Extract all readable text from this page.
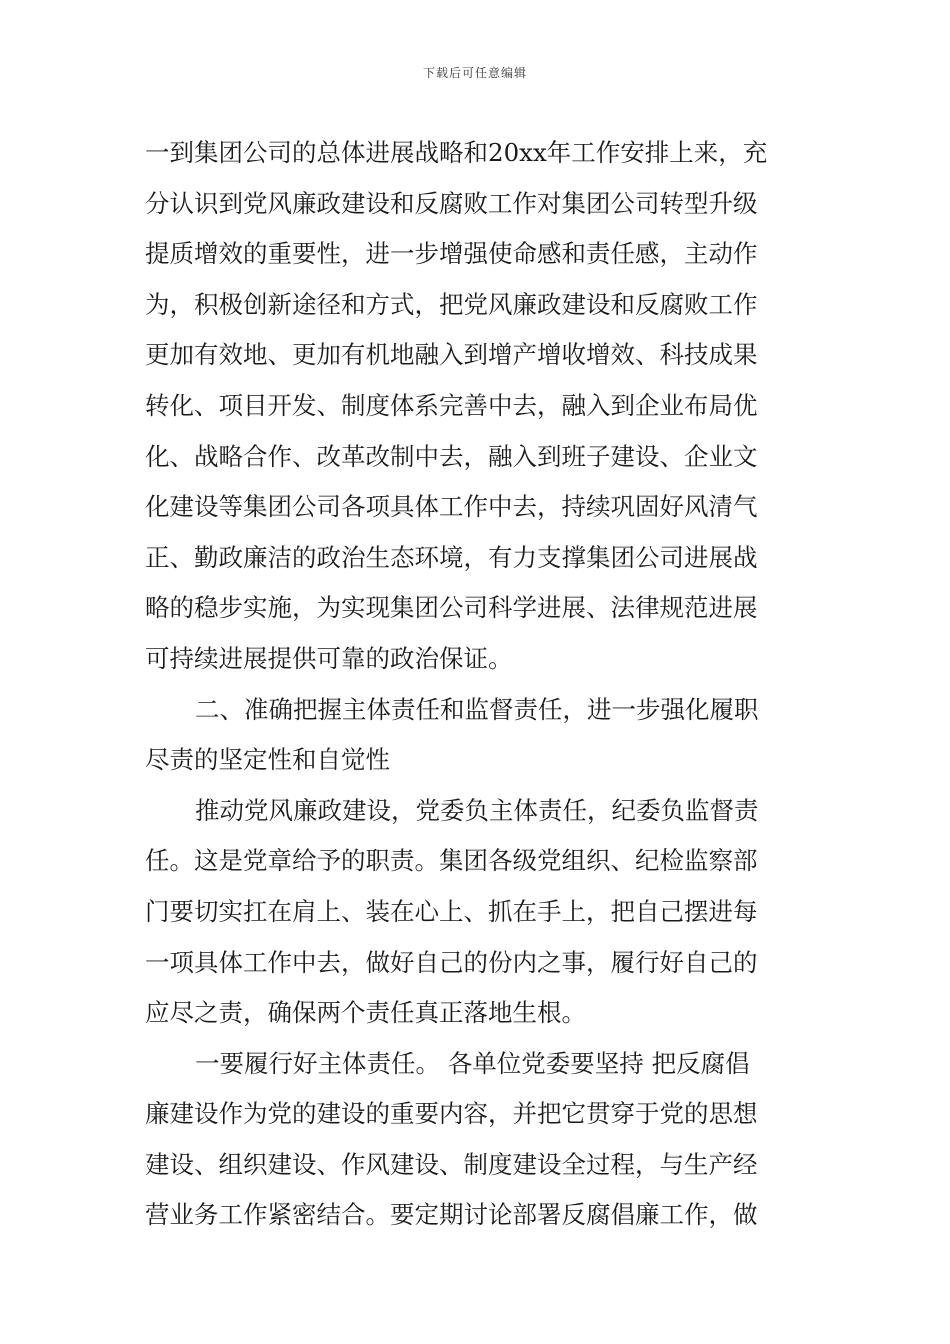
下载后可任意编辑
一到集团公司的总体进展战略和20xx年工作安排上来，充
分认识到党风廉政建设和反腐败工作对集团公司转型升级
提质增效的重要性，进一步增强使命感和责任感，主动作
为，积极创新途径和方式，把党风廉政建设和反腐败工作
更加有效地、更加有机地融入到增产增收增效、科技成果
转化、项目开发、制度体系完善中去，融入到企业布局优
化、战略合作、改革改制中去，融入到班子建设、企业文
化建设等集团公司各项具体工作中去，持续巩固好风清气
正、勤政廉洁的政治生态环境，有力支撑集团公司进展战
略的稳步实施，为实现集团公司科学进展、法律规范进展
可持续进展提供可靠的政治保证。
二、准确把握主体责任和监督责任，进一步强化履职
尽责的坚定性和自觉性
推动党风廉政建设，党委负主体责任，纪委负监督责
任。这是党章给予的职责。集团各级党组织、纪检监察部
门要切实扛在肩上、装在心上、抓在手上，把自己摆进每
一项具体工作中去，做好自己的份内之事，履行好自己的
应尽之责，确保两个责任真正落地生根。
一要履行好主体责任。 各单位党委要坚持 把反腐倡
廉建设作为党的建设的重要内容，并把它贯穿于党的思想
建设、组织建设、作风建设、制度建设全过程，与生产经
营业务工作紧密结合。要定期讨论部署反腐倡廉工作，做
